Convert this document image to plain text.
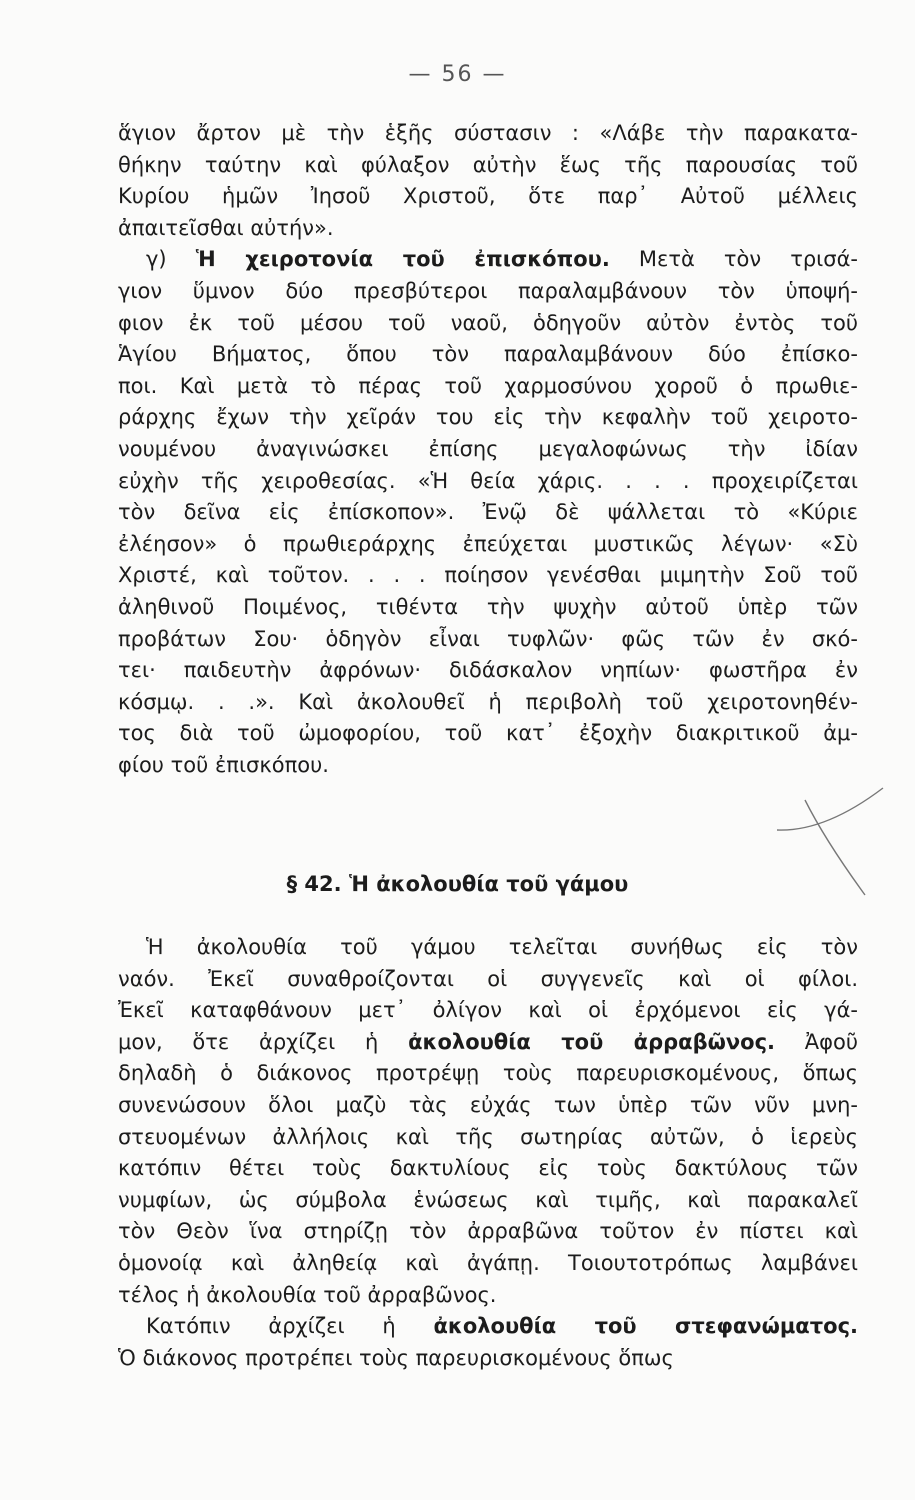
— 56 —
ἅγιον ἄρτον μὲ τὴν ἑξῆς σύστασιν : «Λάβε τὴν παρακατα-
θήκην ταύτην καὶ φύλαξον αὐτὴν ἕως τῆς παρουσίας τοῦ
Κυρίου ἡμῶν Ἰησοῦ Χριστοῦ, ὅτε παρ᾽ Αὐτοῦ μέλλεις
ἀπαιτεῖσθαι αὐτήν».
γ) Ἡ χειροτονία τοῦ ἐπισκόπου. Μετὰ τὸν τρισά-
γιον ὕμνον δύο πρεσβύτεροι παραλαμβάνουν τὸν ὑποψή-
φιον ἐκ τοῦ μέσου τοῦ ναοῦ, ὁδηγοῦν αὐτὸν ἐντὸς τοῦ
Ἁγίου Βήματος, ὅπου τὸν παραλαμβάνουν δύο ἐπίσκο-
ποι. Καὶ μετὰ τὸ πέρας τοῦ χαρμοσύνου χοροῦ ὁ πρωθιε-
ράρχης ἔχων τὴν χεῖράν του εἰς τὴν κεφαλὴν τοῦ χειροτο-
νουμένου ἀναγινώσκει ἐπίσης μεγαλοφώνως τὴν ἰδίαν
εὐχὴν τῆς χειροθεσίας. «Ἡ θεία χάρις. . . . προχειρίζεται
τὸν δεῖνα εἰς ἐπίσκοπον». Ἐνῷ δὲ ψάλλεται τὸ «Κύριε
ἐλέησον» ὁ πρωθιεράρχης ἐπεύχεται μυστικῶς λέγων· «Σὺ
Χριστέ, καὶ τοῦτον. . . . ποίησον γενέσθαι μιμητὴν Σοῦ τοῦ
ἀληθινοῦ Ποιμένος, τιθέντα τὴν ψυχὴν αὐτοῦ ὑπὲρ τῶν
προβάτων Σου· ὁδηγὸν εἶναι τυφλῶν· φῶς τῶν ἐν σκό-
τει· παιδευτὴν ἀφρόνων· διδάσκαλον νηπίων· φωστῆρα ἐν
κόσμῳ. . .». Καὶ ἀκολουθεῖ ἡ περιβολὴ τοῦ χειροτονηθέν-
τος διὰ τοῦ ὠμοφορίου, τοῦ κατ᾽ ἐξοχὴν διακριτικοῦ ἀμ-
φίου τοῦ ἐπισκόπου.
§ 42. Ἡ ἀκολουθία τοῦ γάμου
Ἡ ἀκολουθία τοῦ γάμου τελεῖται συνήθως εἰς τὸν
ναόν. Ἐκεῖ συναθροίζονται οἱ συγγενεῖς καὶ οἱ φίλοι.
Ἐκεῖ καταφθάνουν μετ᾽ ὀλίγον καὶ οἱ ἐρχόμενοι εἰς γά-
μον, ὅτε ἀρχίζει ἡ ἀκολουθία τοῦ ἀρραβῶνος. Ἀφοῦ
δηλαδὴ ὁ διάκονος προτρέψῃ τοὺς παρευρισκομένους, ὅπως
συνενώσουν ὅλοι μαζὺ τὰς εὐχάς των ὑπὲρ τῶν νῦν μνη-
στευομένων ἀλλήλοις καὶ τῆς σωτηρίας αὐτῶν, ὁ ἱερεὺς
κατόπιν θέτει τοὺς δακτυλίους εἰς τοὺς δακτύλους τῶν
νυμφίων, ὡς σύμβολα ἑνώσεως καὶ τιμῆς, καὶ παρακαλεῖ
τὸν Θεὸν ἵνα στηρίζῃ τὸν ἀρραβῶνα τοῦτον ἐν πίστει καὶ
ὁμονοίᾳ καὶ ἀληθείᾳ καὶ ἀγάπῃ. Τοιουτοτρόπως λαμβάνει
τέλος ἡ ἀκολουθία τοῦ ἀρραβῶνος.
Κατόπιν ἀρχίζει ἡ ἀκολουθία τοῦ στεφανώματος.
Ὁ διάκονος προτρέπει τοὺς παρευρισκομένους ὅπως
